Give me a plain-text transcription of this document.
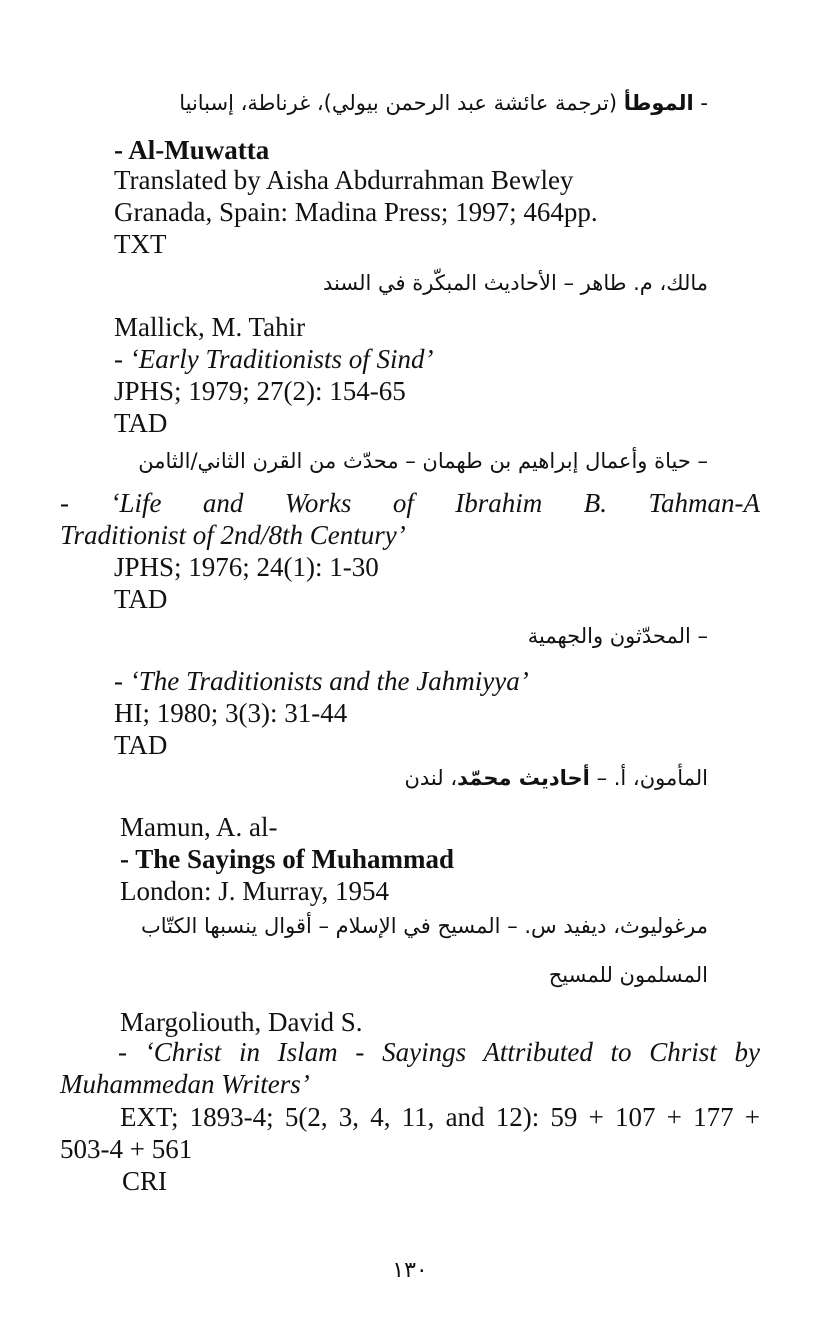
- الموطأ (ترجمة عائشة عبد الرحمن بيولي)، غرناطة، إسبانيا
- Al-Muwatta
Translated by Aisha Abdurrahman Bewley
Granada, Spain: Madina Press; 1997; 464pp.
TXT
مالك، م. طاهر – الأحاديث المبكّرة في السند
Mallick, M. Tahir
- ‘Early Traditionists of Sind’
JPHS; 1979; 27(2): 154-65
TAD
– حياة وأعمال إبراهيم بن طهمان – محدّث من القرن الثاني/الثامن
- ‘Life and Works of Ibrahim B. Tahman-A
Traditionist of 2nd/8th Century’
JPHS; 1976; 24(1): 1-30
TAD
– المحدّثون والجهمية
- ‘The Traditionists and the Jahmiyya’
HI; 1980; 3(3): 31-44
TAD
المأمون، أ. – أحاديث محمّد، لندن
Mamun, A. al-
- The Sayings of Muhammad
London: J. Murray, 1954
مرغوليوث، ديفيد س. – المسيح في الإسلام – أقوال ينسبها الكتّاب
المسلمون للمسيح
Margoliouth, David S.
- ‘Christ in Islam - Sayings Attributed to Christ by
Muhammedan Writers’
EXT; 1893-4; 5(2, 3, 4, 11, and 12): 59 + 107 + 177 +
503-4 + 561
CRI
١٣٠
